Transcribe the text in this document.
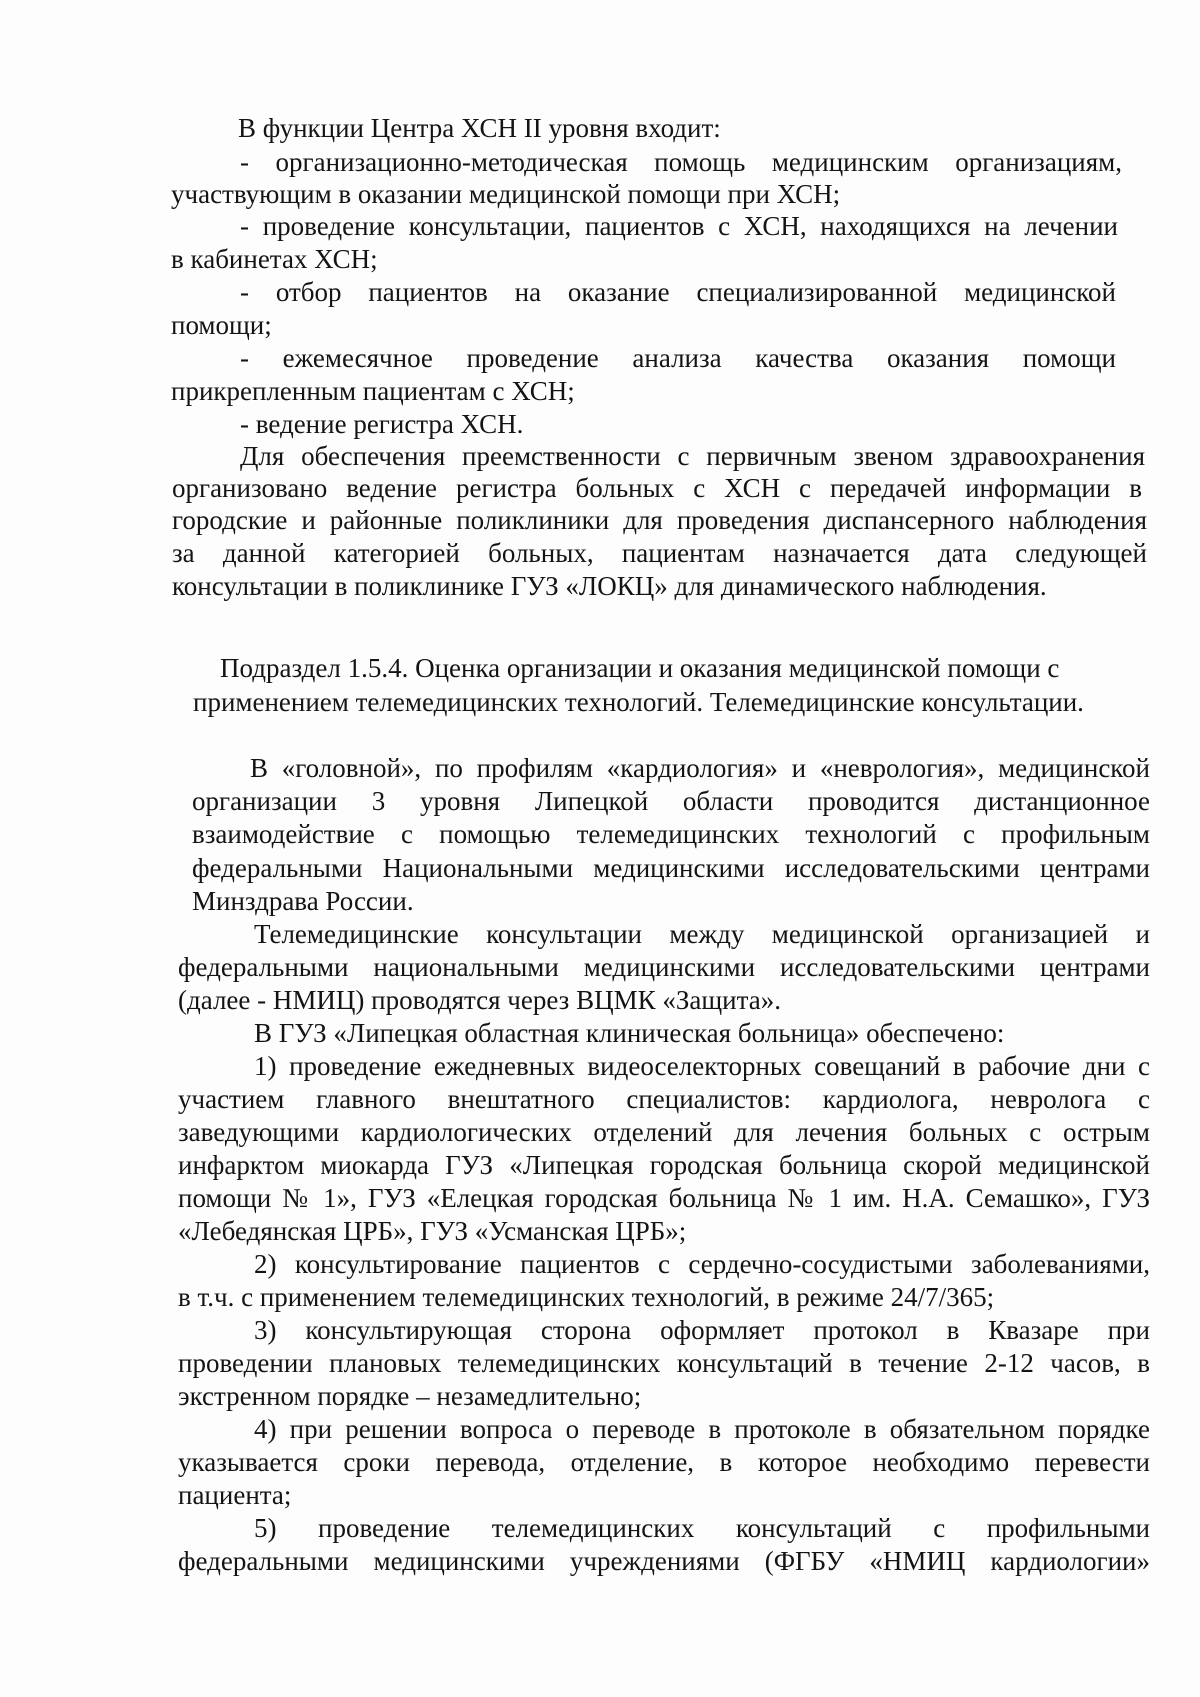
В функции Центра ХСН II уровня входит:
- организационно-методическая помощь медицинским организациям,
участвующим в оказании медицинской помощи при ХСН;
- проведение консультации, пациентов с ХСН, находящихся на лечении
в кабинетах ХСН;
- отбор пациентов на оказание специализированной медицинской
помощи;
- ежемесячное проведение анализа качества оказания помощи
прикрепленным пациентам с ХСН;
- ведение регистра ХСН.
Для обеспечения преемственности с первичным звеном здравоохранения
организовано ведение регистра больных с ХСН с передачей информации в
городские и районные поликлиники для проведения диспансерного наблюдения
за данной категорией больных, пациентам назначается дата следующей
консультации в поликлинике ГУЗ «ЛОКЦ» для динамического наблюдения.
Подраздел 1.5.4. Оценка организации и оказания медицинской помощи с
применением телемедицинских технологий. Телемедицинские консультации.
В «головной», по профилям «кардиология» и «неврология», медицинской
организации 3 уровня Липецкой области проводится дистанционное
взаимодействие с помощью телемедицинских технологий с профильным
федеральными Национальными медицинскими исследовательскими центрами
Минздрава России.
Телемедицинские консультации между медицинской организацией и
федеральными национальными медицинскими исследовательскими центрами
(далее - НМИЦ) проводятся через ВЦМК «Защита».
В ГУЗ «Липецкая областная клиническая больница» обеспечено:
1) проведение ежедневных видеоселекторных совещаний в рабочие дни с
участием главного внештатного специалистов: кардиолога, невролога с
заведующими кардиологических отделений для лечения больных с острым
инфарктом миокарда ГУЗ «Липецкая городская больница скорой медицинской
помощи № 1», ГУЗ «Елецкая городская больница № 1 им. Н.А. Семашко», ГУЗ
«Лебедянская ЦРБ», ГУЗ «Усманская ЦРБ»;
2) консультирование пациентов с сердечно-сосудистыми заболеваниями,
в т.ч. с применением телемедицинских технологий, в режиме 24/7/365;
3) консультирующая сторона оформляет протокол в Квазаре при
проведении плановых телемедицинских консультаций в течение 2-12 часов, в
экстренном порядке – незамедлительно;
4) при решении вопроса о переводе в протоколе в обязательном порядке
указывается сроки перевода, отделение, в которое необходимо перевести
пациента;
5) проведение телемедицинских консультаций с профильными
федеральными медицинскими учреждениями (ФГБУ «НМИЦ кардиологии»
